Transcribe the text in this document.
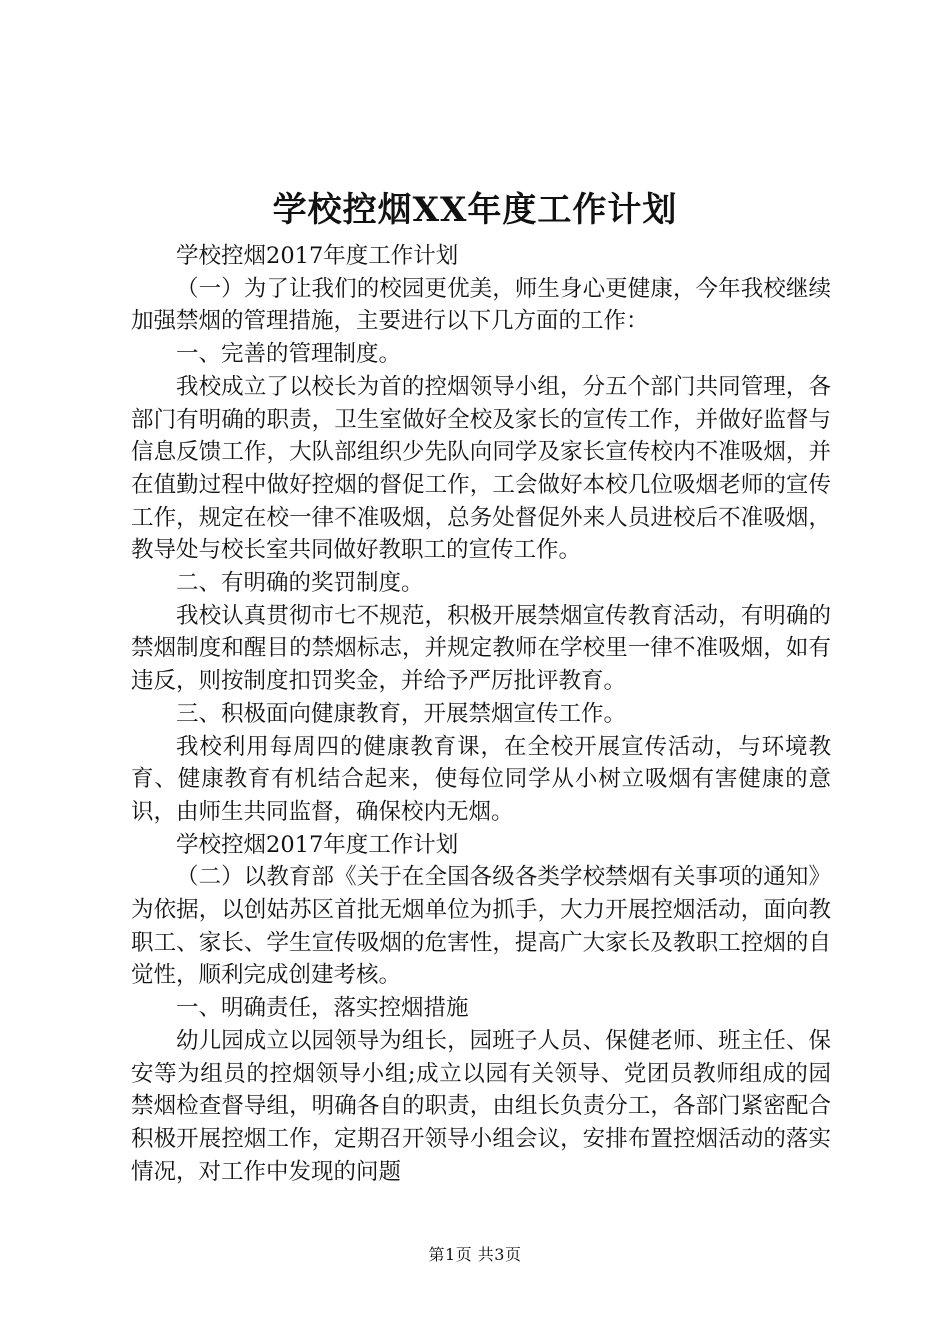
学校控烟XX年度工作计划

学校控烟2017年度工作计划

（一）为了让我们的校园更优美，师生身心更健康，今年我校继续加强禁烟的管理措施，主要进行以下几方面的工作：

一、完善的管理制度。

我校成立了以校长为首的控烟领导小组，分五个部门共同管理，各部门有明确的职责，卫生室做好全校及家长的宣传工作，并做好监督与信息反馈工作，大队部组织少先队向同学及家长宣传校内不准吸烟，并在值勤过程中做好控烟的督促工作，工会做好本校几位吸烟老师的宣传工作，规定在校一律不准吸烟，总务处督促外来人员进校后不准吸烟，教导处与校长室共同做好教职工的宣传工作。

二、有明确的奖罚制度。

我校认真贯彻市七不规范，积极开展禁烟宣传教育活动，有明确的禁烟制度和醒目的禁烟标志，并规定教师在学校里一律不准吸烟，如有违反，则按制度扣罚奖金，并给予严厉批评教育。

三、积极面向健康教育，开展禁烟宣传工作。

我校利用每周四的健康教育课，在全校开展宣传活动，与环境教育、健康教育有机结合起来，使每位同学从小树立吸烟有害健康的意识，由师生共同监督，确保校内无烟。

学校控烟2017年度工作计划

（二）以教育部《关于在全国各级各类学校禁烟有关事项的通知》为依据，以创姑苏区首批无烟单位为抓手，大力开展控烟活动，面向教职工、家长、学生宣传吸烟的危害性，提高广大家长及教职工控烟的自觉性，顺利完成创建考核。

一、明确责任，落实控烟措施

幼儿园成立以园领导为组长，园班子人员、保健老师、班主任、保安等为组员的控烟领导小组;成立以园有关领导、党团员教师组成的园禁烟检查督导组，明确各自的职责，由组长负责分工，各部门紧密配合积极开展控烟工作，定期召开领导小组会议，安排布置控烟活动的落实情况，对工作中发现的问题

第1页 共3页
